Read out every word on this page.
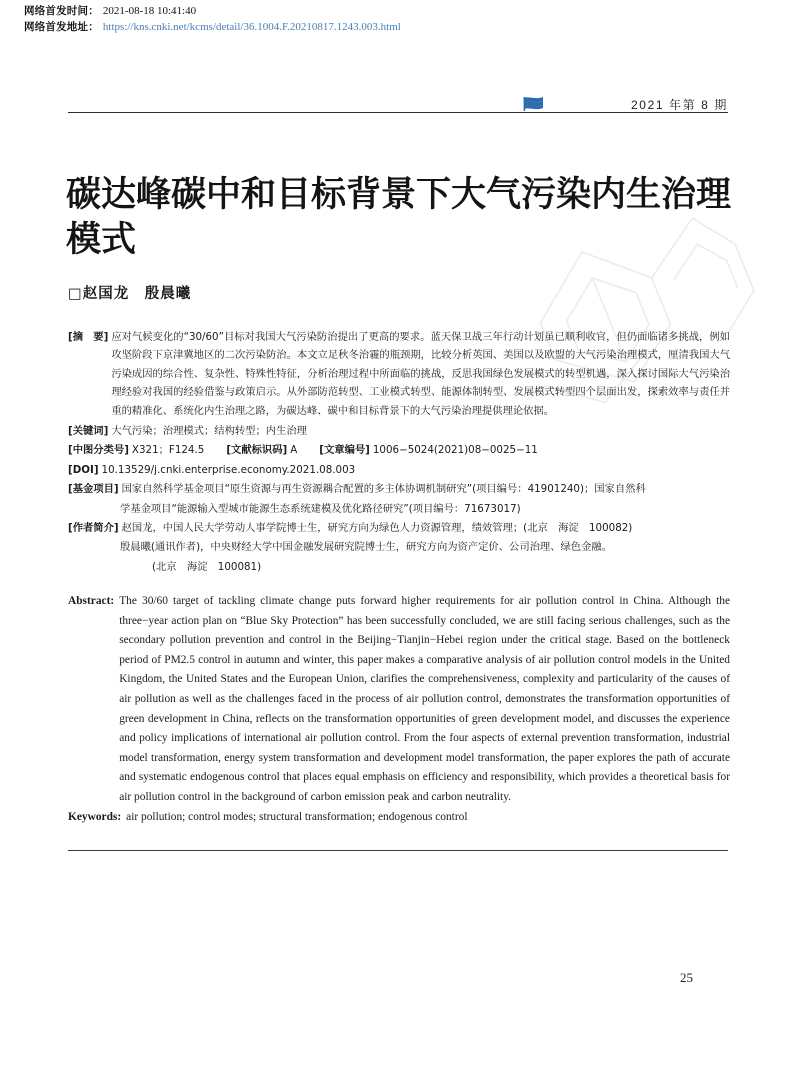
网络首发时间： 2021-08-18 10:41:40
网络首发地址： https://kns.cnki.net/kcms/detail/36.1004.F.20210817.1243.003.html
2021 年第 8 期
碳达峰碳中和目标背景下大气污染内生治理模式
□赵国龙　殷晨曦
[摘　要] 应对气候变化的“30/60”目标对我国大气污染防治提出了更高的要求。蓝天保卫战三年行动计划虽已顺利收官，但仍面临诸多挑战，例如攻坚阶段下京津冀地区的二次污染防治。本文立足秋冬治霾的瓶颈期，比较分析英国、美国以及欧盟的大气污染治理模式，厘清我国大气污染成因的综合性、复杂性、特殊性特征，分析治理过程中所面临的挑战，反思我国绿色发展模式的转型机遇，深入探讨国际大气污染治理经验对我国的经验借鉴与政策启示。从外部防范转型、工业模式转型、能源体制转型、发展模式转型四个层面出发，探索效率与责任并重的精准化、系统化内生治理之路，为碳达峰、碳中和目标背景下的大气污染治理提供理论依据。
[关键词] 大气污染；治理模式；结构转型；内生治理
[中图分类号] X321；F124.5 [文献标识码] A [文章编号] 1006−5024(2021)08−0025−11
[DOI] 10.13529/j.cnki.enterprise.economy.2021.08.003
[基金项目] 国家自然科学基金项目“原生资源与再生资源耦合配置的多主体协调机制研究”(项目编号：41901240)；国家自然科
学基金项目“能源输入型城市能源生态系统建模及优化路径研究”(项目编号：71673017)
[作者简介] 赵国龙，中国人民大学劳动人事学院博士生，研究方向为绿色人力资源管理，绩效管理；(北京　海淀　100082)
殷晨曦(通讯作者)，中央财经大学中国金融发展研究院博士生，研究方向为资产定价、公司治理、绿色金融。
(北京　海淀　100081)
Abstract: The 30/60 target of tackling climate change puts forward higher requirements for air pollution control in China. Although the three−year action plan on “Blue Sky Protection” has been successfully concluded, we are still facing serious challenges, such as the secondary pollution prevention and control in the Beijing−Tianjin−Hebei region under the critical stage. Based on the bottleneck period of PM2.5 control in autumn and winter, this paper makes a comparative analysis of air pollution control models in the United Kingdom, the United States and the European Union, clarifies the comprehensiveness, complexity and particularity of the causes of air pollution as well as the challenges faced in the process of air pollution control, demonstrates the transformation opportunities of green development in China, reflects on the transformation opportunities of green development model, and discusses the experience and policy implications of international air pollution control. From the four aspects of external prevention transformation, industrial model transformation, energy system transformation and development model transformation, the paper explores the path of accurate and systematic endogenous control that places equal emphasis on efficiency and responsibility, which provides a theoretical basis for air pollution control in the background of carbon emission peak and carbon neutrality.
Keywords: air pollution; control modes; structural transformation; endogenous control
25
